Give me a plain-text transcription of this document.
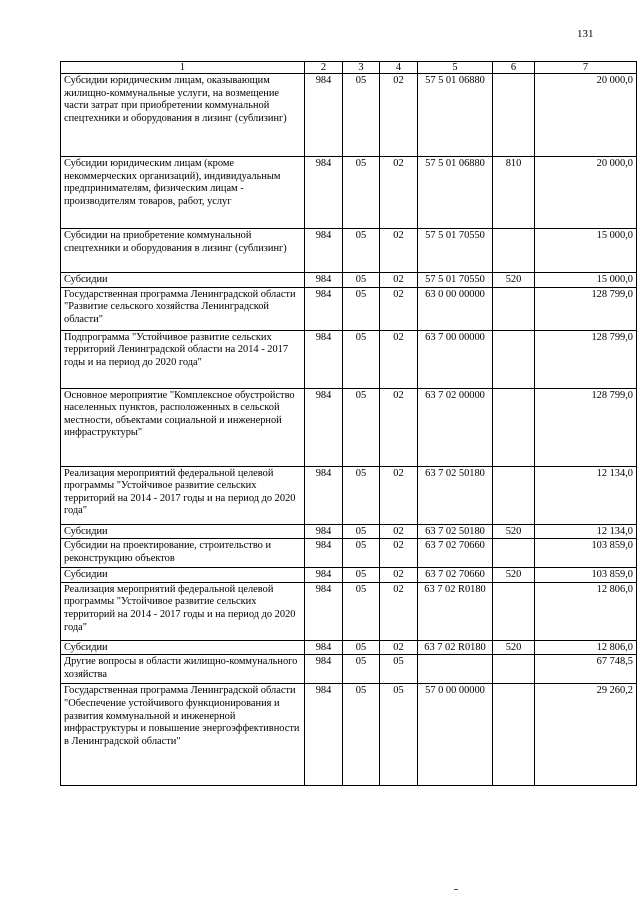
131
1	2	3	4	5	6	7
Субсидии юридическим лицам, оказывающим жилищно-коммунальные услуги, на возмещение части затрат при приобретении коммунальной спецтехники и оборудования в лизинг (сублизинг)	984	05	02	57 5 01 06880		20 000,0
Субсидии юридическим лицам (кроме некоммерческих организаций), индивидуальным предпринимателям, физическим лицам - производителям товаров, работ, услуг	984	05	02	57 5 01 06880	810	20 000,0
Субсидии на приобретение коммунальной спецтехники и оборудования в лизинг (сублизинг)	984	05	02	57 5 01 70550		15 000,0
Субсидии	984	05	02	57 5 01 70550	520	15 000,0
Государственная программа Ленинградской области "Развитие сельского хозяйства Ленинградской области"	984	05	02	63 0 00 00000		128 799,0
Подпрограмма "Устойчивое развитие сельских территорий Ленинградской области на 2014 - 2017 годы и на период до 2020 года"	984	05	02	63 7 00 00000		128 799,0
Основное мероприятие "Комплексное обустройство населенных пунктов, расположенных в сельской местности, объектами социальной и инженерной инфраструктуры"	984	05	02	63 7 02 00000		128 799,0
Реализация мероприятий федеральной целевой программы "Устойчивое развитие сельских территорий на 2014 - 2017 годы и на период до 2020 года"	984	05	02	63 7 02 50180		12 134,0
Субсидии	984	05	02	63 7 02 50180	520	12 134,0
Субсидии на проектирование, строительство и реконструкцию объектов	984	05	02	63 7 02 70660		103 859,0
Субсидии	984	05	02	63 7 02 70660	520	103 859,0
Реализация мероприятий федеральной целевой программы "Устойчивое развитие сельских территорий на 2014 - 2017 годы и на период до 2020 года"	984	05	02	63 7 02 R0180		12 806,0
Субсидии	984	05	02	63 7 02 R0180	520	12 806,0
Другие вопросы в области жилищно-коммунального хозяйства	984	05	05			67 748,5
Государственная программа Ленинградской области "Обеспечение устойчивого функционирования и развития коммунальной и инженерной инфраструктуры и повышение энергоэффективности в Ленинградской области"	984	05	05	57 0 00 00000		29 260,2
